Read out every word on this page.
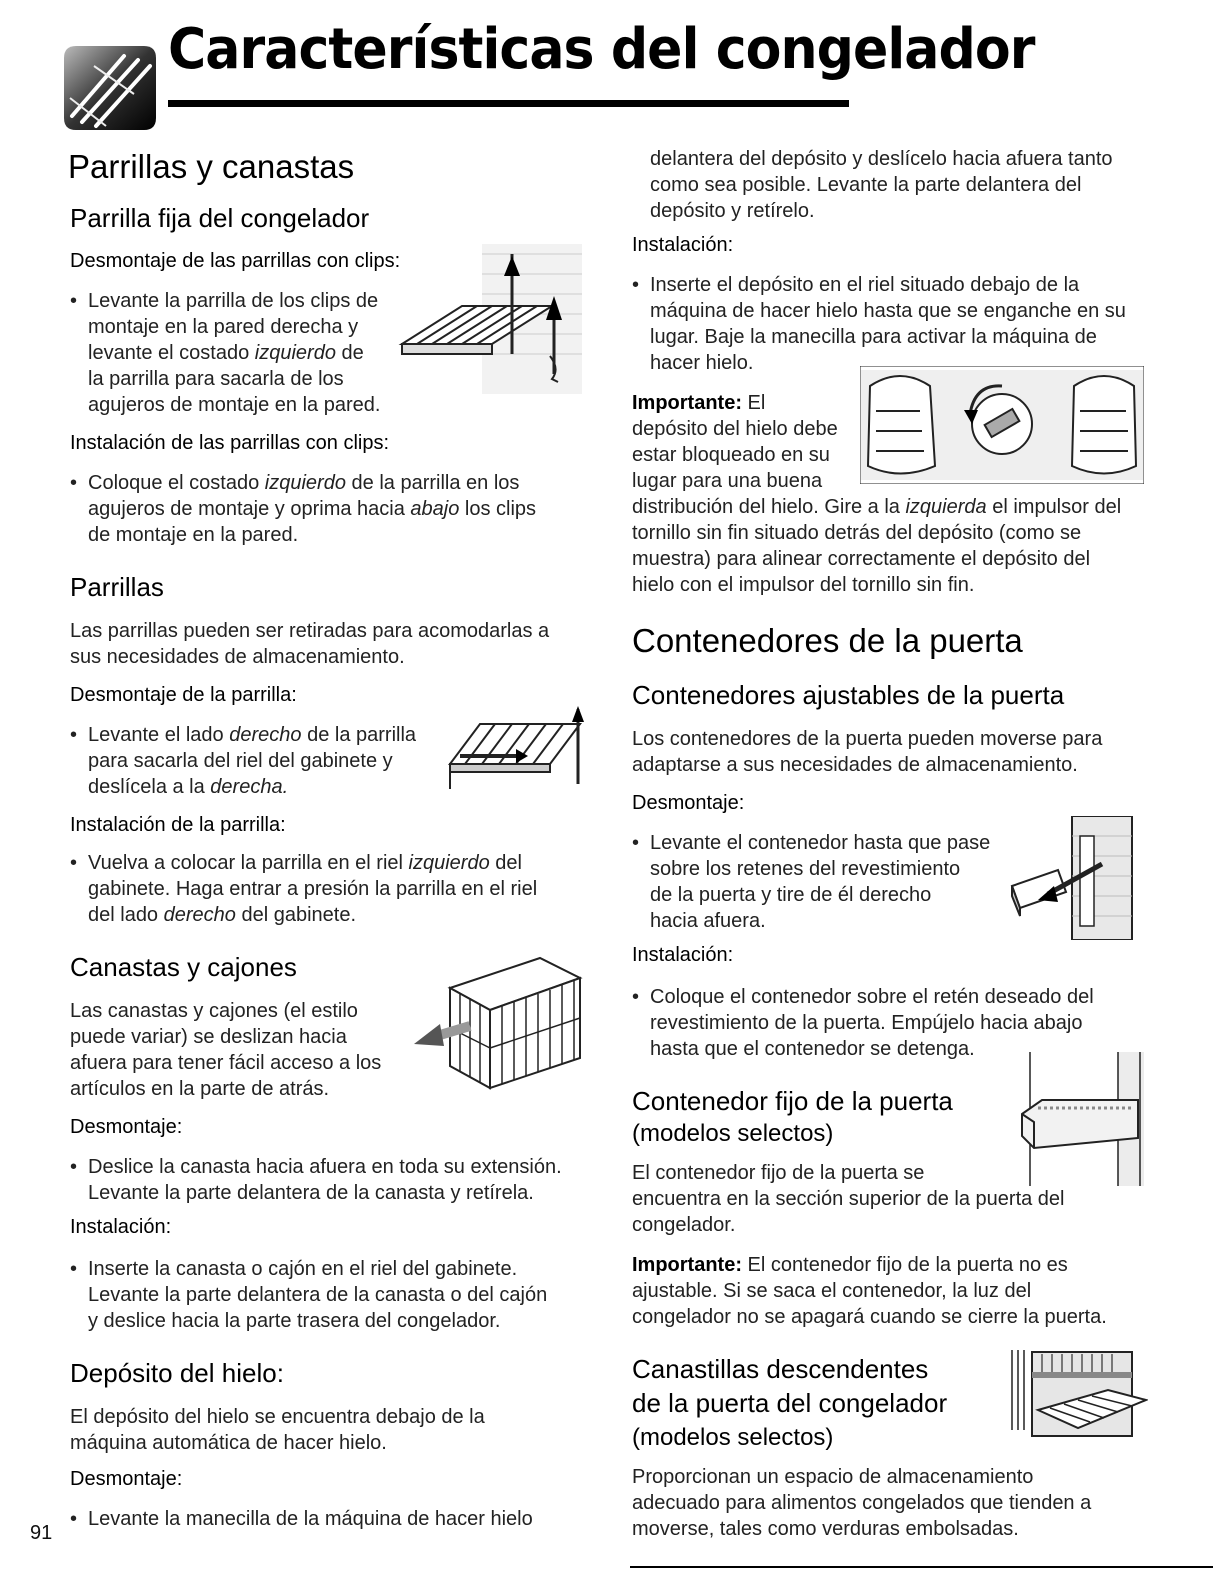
Características del congelador
Parrillas y canastas
Parrilla fija del congelador
Desmontaje de las parrillas con clips:

• Levante la parrilla de los clips de
montaje en la pared derecha y
levante el costado izquierdo de
la parrilla para sacarla de los
agujeros de montaje en la pared.

Instalación de las parrillas con clips:

• Coloque el costado izquierdo de la parrilla en los
agujeros de montaje y oprima hacia abajo los clips
de montaje en la pared.

Parrillas

Las parrillas pueden ser retiradas para acomodarlas a
sus necesidades de almacenamiento.

Desmontaje de la parrilla:

• Levante el lado derecho de la parrilla
para sacarla del riel del gabinete y
deslícela a la derecha.

Instalación de la parrilla:

• Vuelva a colocar la parrilla en el riel izquierdo del
gabinete. Haga entrar a presión la parrilla en el riel
del lado derecho del gabinete.

Canastas y cajones

Las canastas y cajones (el estilo
puede variar) se deslizan hacia
afuera para tener fácil acceso a los
artículos en la parte de atrás.

Desmontaje:

• Deslice la canasta hacia afuera en toda su extensión.
Levante la parte delantera de la canasta y retírela.

Instalación:

• Inserte la canasta o cajón en el riel del gabinete.
Levante la parte delantera de la canasta o del cajón
y deslice hacia la parte trasera del congelador.

Depósito del hielo:

El depósito del hielo se encuentra debajo de la
máquina automática de hacer hielo.

Desmontaje:

• Levante la manecilla de la máquina de hacer hielo

91

delantera del depósito y deslícelo hacia afuera tanto
como sea posible. Levante la parte delantera del
depósito y retírelo.

Instalación:

• Inserte el depósito en el riel situado debajo de la
máquina de hacer hielo hasta que se enganche en su
lugar. Baje la manecilla para activar la máquina de
hacer hielo.

Importante: El
depósito del hielo debe
estar bloqueado en su
lugar para una buena

distribución del hielo. Gire a la izquierda el impulsor del
tornillo sin fin situado detrás del depósito (como se
muestra) para alinear correctamente el depósito del
hielo con el impulsor del tornillo sin fin.

Contenedores de la puerta
Contenedores ajustables de la puerta

Los contenedores de la puerta pueden moverse para
adaptarse a sus necesidades de almacenamiento.

Desmontaje:

• Levante el contenedor hasta que pase
sobre los retenes del revestimiento
de la puerta y tire de él derecho
hacia afuera.

Instalación:

• Coloque el contenedor sobre el retén deseado del
revestimiento de la puerta. Empújelo hacia abajo
hasta que el contenedor se detenga.

Contenedor fijo de la puerta
(modelos selectos)

El contenedor fijo de la puerta se
encuentra en la sección superior de la puerta del
congelador.

Importante: El contenedor fijo de la puerta no es
ajustable. Si se saca el contenedor, la luz del
congelador no se apagará cuando se cierre la puerta.

Canastillas descendentes
de la puerta del congelador
(modelos selectos)

Proporcionan un espacio de almacenamiento
adecuado para alimentos congelados que tienden a
moverse, tales como verduras embolsadas.
